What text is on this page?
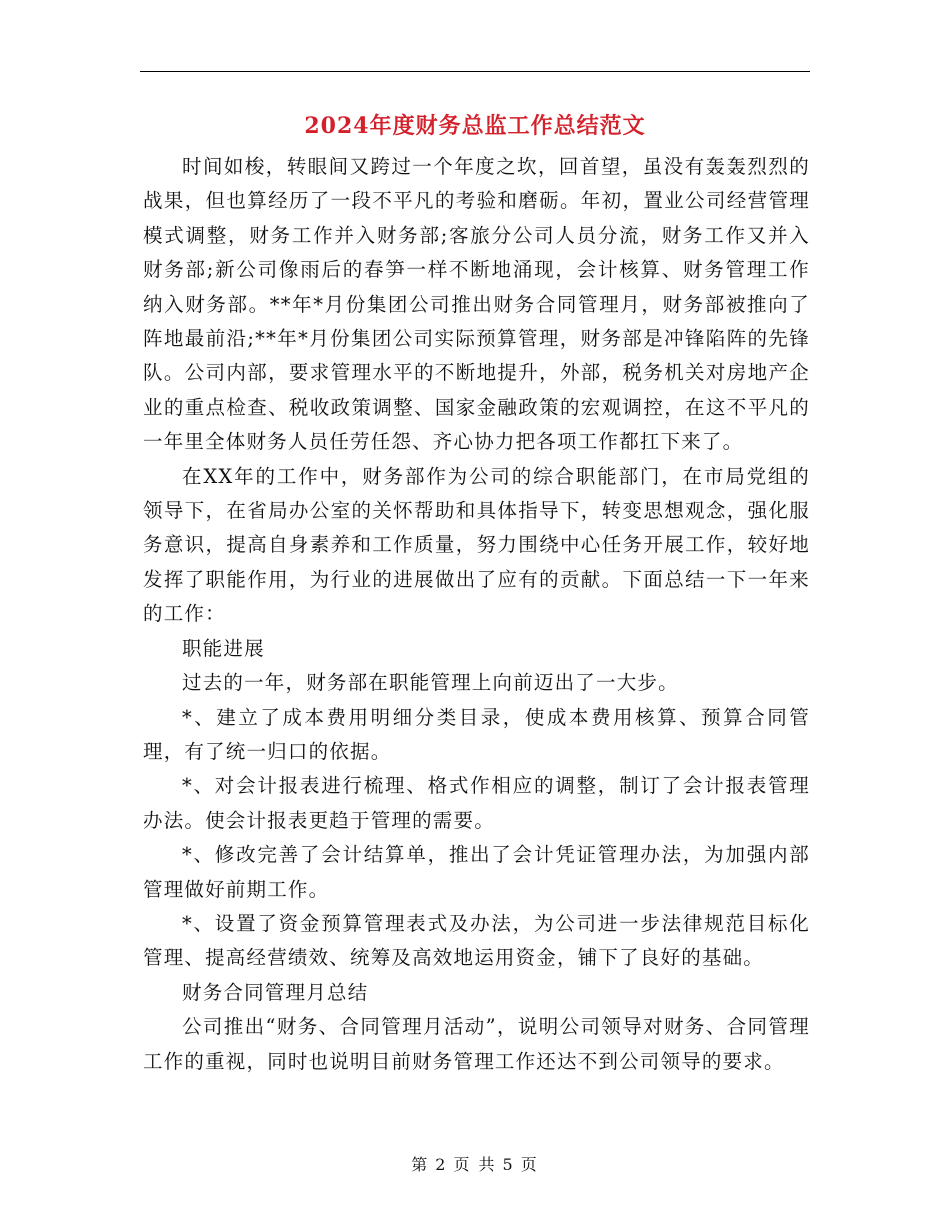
2024年度财务总监工作总结范文

时间如梭，转眼间又跨过一个年度之坎，回首望，虽没有轰轰烈烈的战果，但也算经历了一段不平凡的考验和磨砺。年初，置业公司经营管理模式调整，财务工作并入财务部;客旅分公司人员分流，财务工作又并入财务部;新公司像雨后的春笋一样不断地涌现，会计核算、财务管理工作纳入财务部。**年*月份集团公司推出财务合同管理月，财务部被推向了阵地最前沿;**年*月份集团公司实际预算管理，财务部是冲锋陷阵的先锋队。公司内部，要求管理水平的不断地提升，外部，税务机关对房地产企业的重点检查、税收政策调整、国家金融政策的宏观调控，在这不平凡的一年里全体财务人员任劳任怨、齐心协力把各项工作都扛下来了。

在XX年的工作中，财务部作为公司的综合职能部门，在市局党组的领导下，在省局办公室的关怀帮助和具体指导下，转变思想观念，强化服务意识，提高自身素养和工作质量，努力围绕中心任务开展工作，较好地发挥了职能作用，为行业的进展做出了应有的贡献。下面总结一下一年来的工作：

职能进展

过去的一年，财务部在职能管理上向前迈出了一大步。

*、建立了成本费用明细分类目录，使成本费用核算、预算合同管理，有了统一归口的依据。

*、对会计报表进行梳理、格式作相应的调整，制订了会计报表管理办法。使会计报表更趋于管理的需要。

*、修改完善了会计结算单，推出了会计凭证管理办法，为加强内部管理做好前期工作。

*、设置了资金预算管理表式及办法，为公司进一步法律规范目标化管理、提高经营绩效、统筹及高效地运用资金，铺下了良好的基础。

财务合同管理月总结

公司推出“财务、合同管理月活动”，说明公司领导对财务、合同管理工作的重视，同时也说明目前财务管理工作还达不到公司领导的要求。

第 2 页 共 5 页
